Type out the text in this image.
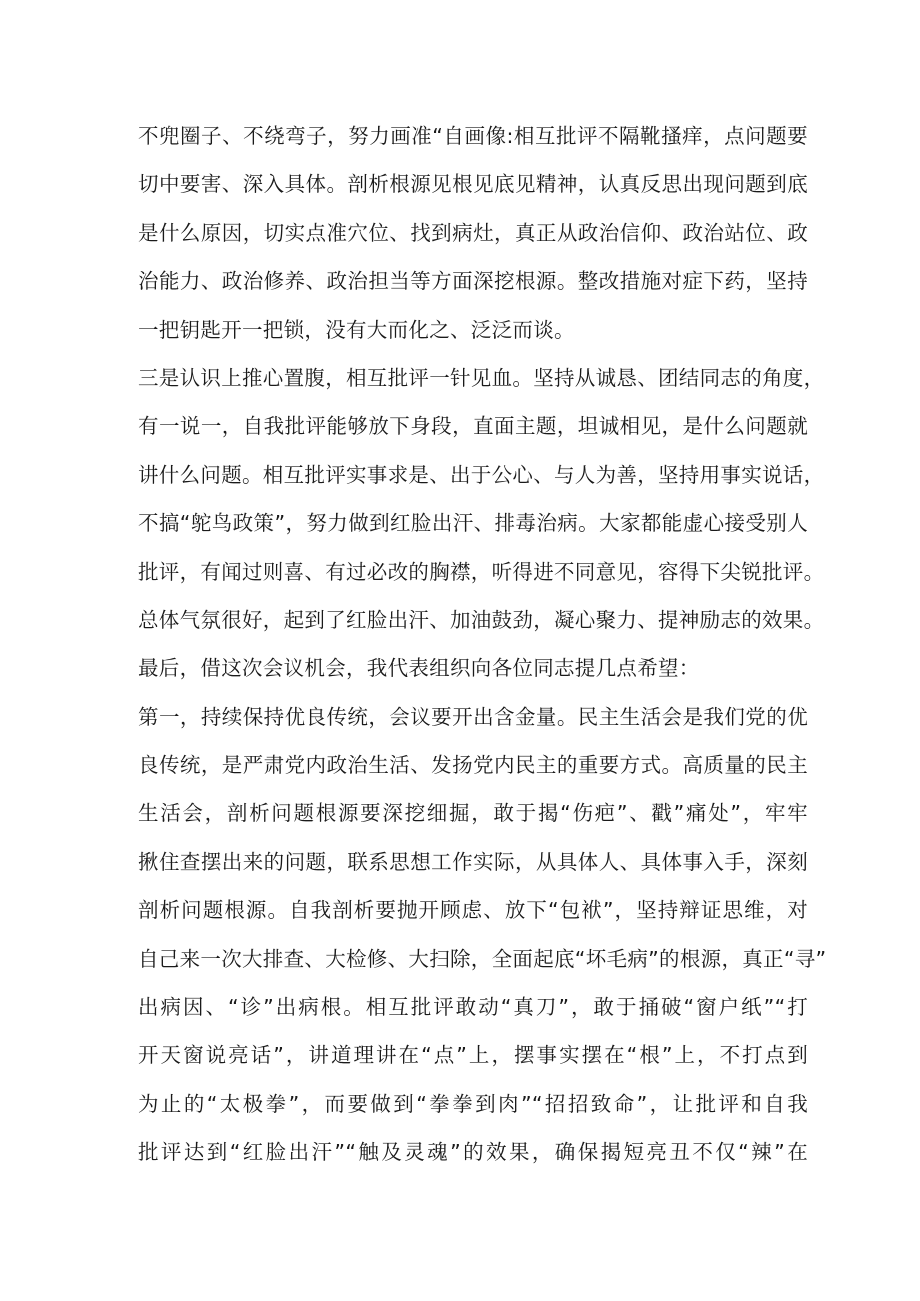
不兜圈子、不绕弯子，努力画准“自画像:相互批评不隔靴搔痒，点问题要
切中要害、深入具体。剖析根源见根见底见精神，认真反思出现问题到底
是什么原因，切实点准穴位、找到病灶，真正从政治信仰、政治站位、政
治能力、政治修养、政治担当等方面深挖根源。整改措施对症下药，坚持
一把钥匙开一把锁，没有大而化之、泛泛而谈。
三是认识上推心置腹，相互批评一针见血。坚持从诚恳、团结同志的角度，
有一说一，自我批评能够放下身段，直面主题，坦诚相见，是什么问题就
讲什么问题。相互批评实事求是、出于公心、与人为善，坚持用事实说话，
不搞“鸵鸟政策”，努力做到红脸出汗、排毒治病。大家都能虚心接受别人
批评，有闻过则喜、有过必改的胸襟，听得进不同意见，容得下尖锐批评。
总体气氛很好，起到了红脸出汗、加油鼓劲，凝心聚力、提神励志的效果。
最后，借这次会议机会，我代表组织向各位同志提几点希望：
第一，持续保持优良传统，会议要开出含金量。民主生活会是我们党的优
良传统，是严肃党内政治生活、发扬党内民主的重要方式。高质量的民主
生活会，剖析问题根源要深挖细掘，敢于揭“伤疤”、戳”痛处”，牢牢
揪住查摆出来的问题，联系思想工作实际，从具体人、具体事入手，深刻
剖析问题根源。自我剖析要抛开顾虑、放下“包袱”，坚持辩证思维，对
自己来一次大排查、大检修、大扫除，全面起底“坏毛病”的根源，真正“寻”
出病因、“诊”出病根。相互批评敢动“真刀”，敢于捅破“窗户纸”“打
开天窗说亮话”，讲道理讲在“点”上，摆事实摆在“根”上，不打点到
为止的“太极拳”，而要做到“拳拳到肉”“招招致命”，让批评和自我
批评达到“红脸出汗”“触及灵魂”的效果，确保揭短亮丑不仅“辣”在
